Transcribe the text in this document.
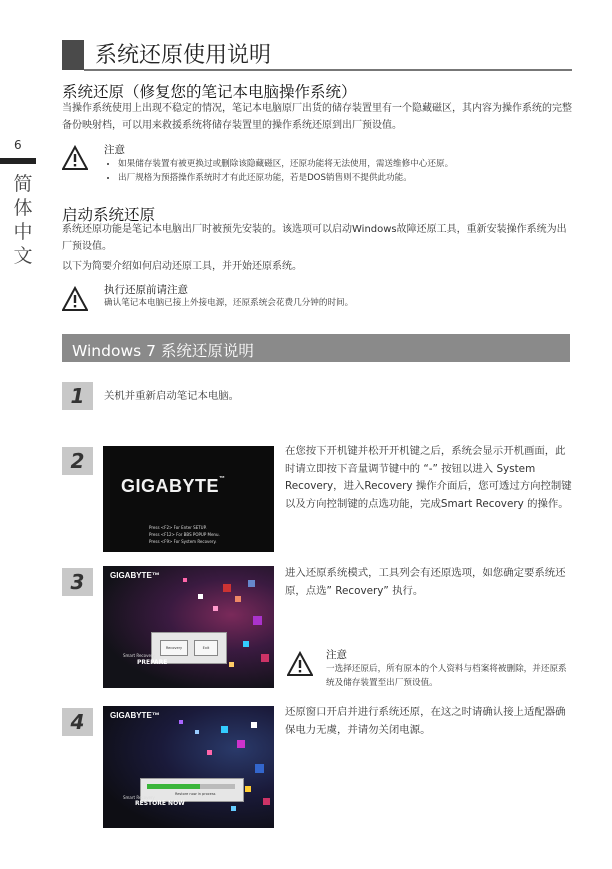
6
简体中文
系统还原使用说明
系统还原（修复您的笔记本电脑操作系统）
当操作系统使用上出现不稳定的情况，笔记本电脑原厂出货的储存装置里有一个隐藏磁区，其内容为操作系统的完整备份映射档，可以用来救援系统将储存装置里的操作系统还原到出厂预设值。
注意
• 如果储存装置有被更换过或删除该隐藏磁区，还原功能将无法使用，需送维修中心还原。
• 出厂规格为预搭操作系统时才有此还原功能，若是DOS销售则不提供此功能。
启动系统还原
系统还原功能是笔记本电脑出厂时被预先安装的。该选项可以启动Windows故障还原工具，重新安装操作系统为出厂预设值。
以下为简要介绍如何启动还原工具，并开始还原系统。
执行还原前请注意
确认笔记本电脑已接上外接电源，还原系统会花费几分钟的时间。
Windows 7 系统还原说明
1	关机并重新启动笔记本电脑。
2
GIGABYTE™
Press <F2> For Enter SETUP.
Press <F12> For BBS POPUP Menu.
Press <F9> For System Recovery.
在您按下开机键并松开开机键之后，系统会显示开机画面，此时请立即按下音量调节键中的 “-” 按钮以进入 System Recovery，进入Recovery 操作介面后，您可透过方向控制键以及方向控制键的点选功能，完成Smart Recovery 的操作。
3	GIGABYTE™
Recovery	Exit
Smart Recovery
PREPARE
进入还原系统模式，工具列会有还原选项，如您确定要系统还原，点选” Recovery” 执行。
注意
一选择还原后，所有原本的个人资料与档案将被删除，并还原系统及储存装置至出厂预设值。
4	GIGABYTE™
Restore now in process
Smart Recovery
RESTORE NOW
还原窗口开启并进行系统还原，在这之时请确认接上适配器确保电力无虞，并请勿关闭电源。
